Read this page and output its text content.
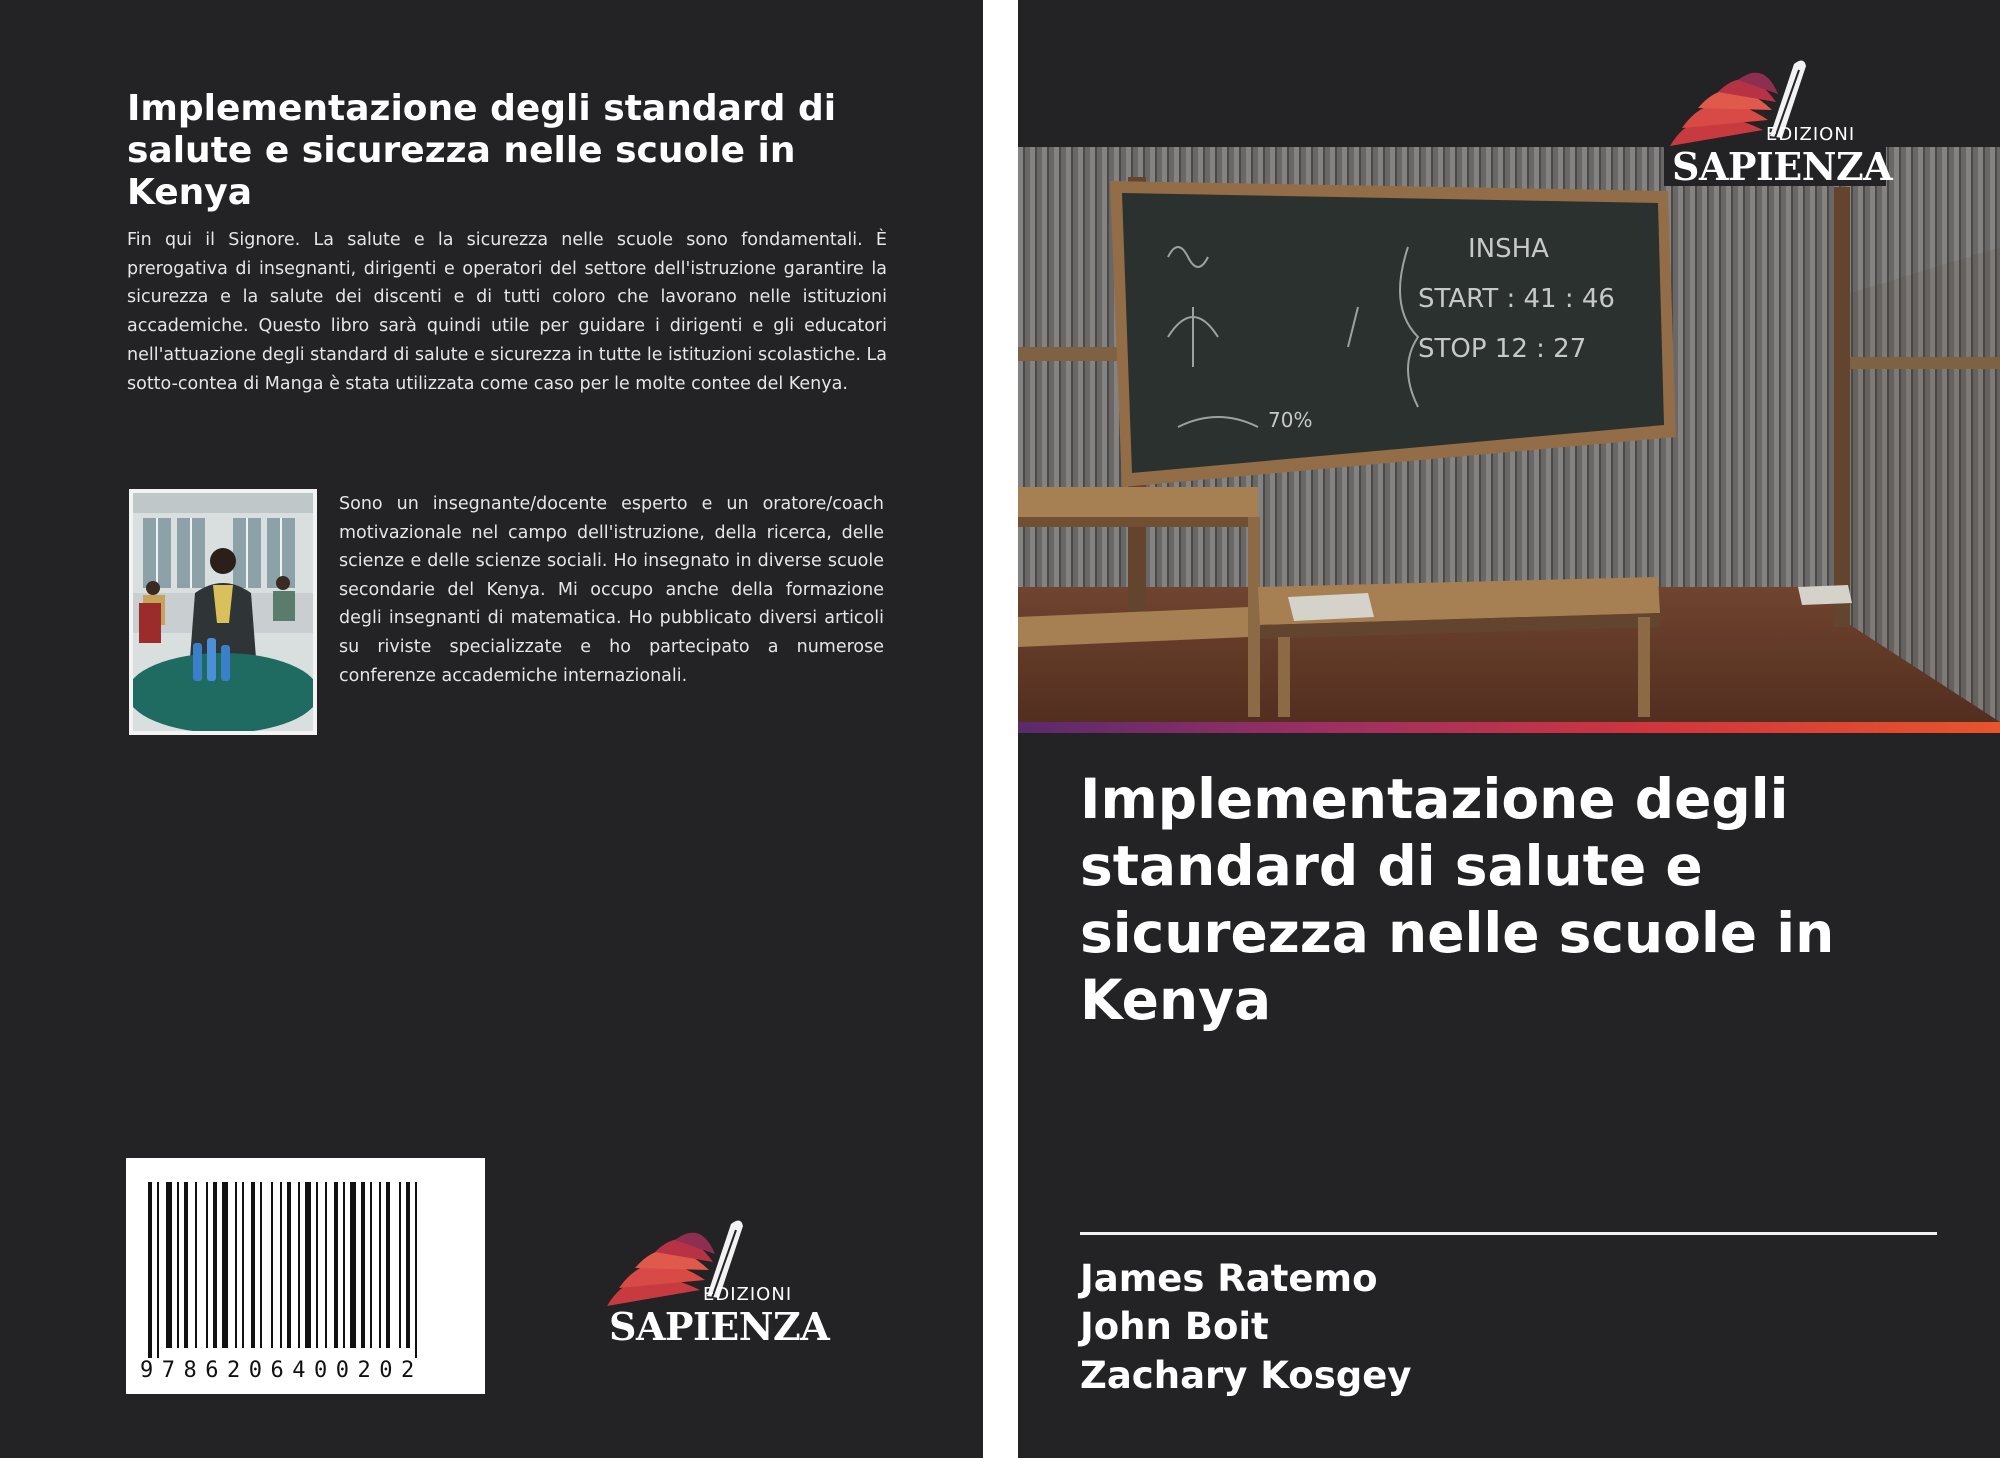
Implementazione degli standard di salute e sicurezza nelle scuole in Kenya
Fin qui il Signore. La salute e la sicurezza nelle scuole sono fondamentali. È prerogativa di insegnanti, dirigenti e operatori del settore dell'istruzione garantire la sicurezza e la salute dei discenti e di tutti coloro che lavorano nelle istituzioni accademiche. Questo libro sarà quindi utile per guidare i dirigenti e gli educatori nell'attuazione degli standard di salute e sicurezza in tutte le istituzioni scolastiche. La sotto-contea di Manga è stata utilizzata come caso per le molte contee del Kenya.
Sono un insegnante/docente esperto e un oratore/coach motivazionale nel campo dell'istruzione, della ricerca, delle scienze e delle scienze sociali. Ho insegnato in diverse scuole secondarie del Kenya. Mi occupo anche della formazione degli insegnanti di matematica. Ho pubblicato diversi articoli su riviste specializzate e ho partecipato a numerose conferenze accademiche internazionali.
9786206400202
EDIZIONI
SAPIENZA
INSHA
START : 41 : 46
STOP 12 : 27
70%
EDIZIONI
SAPIENZA
Implementazione degli standard di salute e sicurezza nelle scuole in Kenya
James Ratemo
John Boit
Zachary Kosgey
